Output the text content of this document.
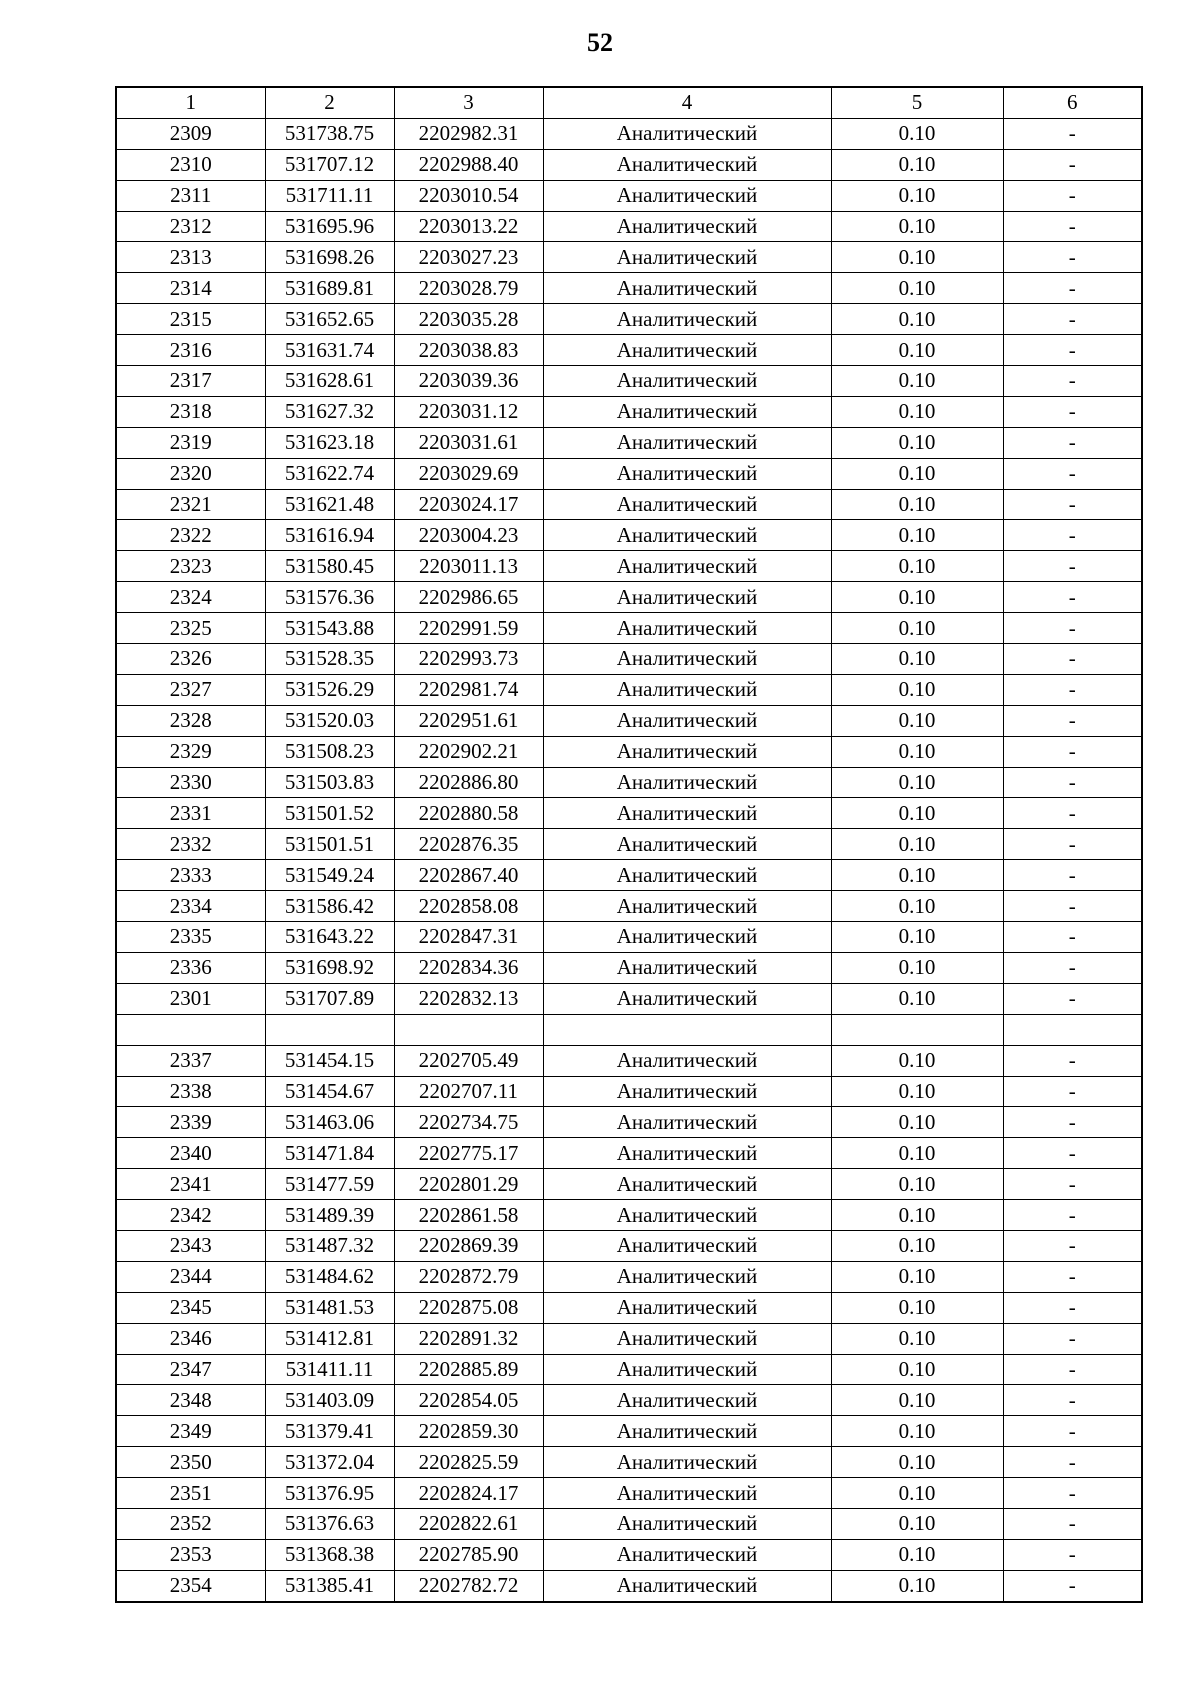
52
1	2	3	4	5	6
2309	531738.75	2202982.31	Аналитический	0.10	-
2310	531707.12	2202988.40	Аналитический	0.10	-
2311	531711.11	2203010.54	Аналитический	0.10	-
2312	531695.96	2203013.22	Аналитический	0.10	-
2313	531698.26	2203027.23	Аналитический	0.10	-
2314	531689.81	2203028.79	Аналитический	0.10	-
2315	531652.65	2203035.28	Аналитический	0.10	-
2316	531631.74	2203038.83	Аналитический	0.10	-
2317	531628.61	2203039.36	Аналитический	0.10	-
2318	531627.32	2203031.12	Аналитический	0.10	-
2319	531623.18	2203031.61	Аналитический	0.10	-
2320	531622.74	2203029.69	Аналитический	0.10	-
2321	531621.48	2203024.17	Аналитический	0.10	-
2322	531616.94	2203004.23	Аналитический	0.10	-
2323	531580.45	2203011.13	Аналитический	0.10	-
2324	531576.36	2202986.65	Аналитический	0.10	-
2325	531543.88	2202991.59	Аналитический	0.10	-
2326	531528.35	2202993.73	Аналитический	0.10	-
2327	531526.29	2202981.74	Аналитический	0.10	-
2328	531520.03	2202951.61	Аналитический	0.10	-
2329	531508.23	2202902.21	Аналитический	0.10	-
2330	531503.83	2202886.80	Аналитический	0.10	-
2331	531501.52	2202880.58	Аналитический	0.10	-
2332	531501.51	2202876.35	Аналитический	0.10	-
2333	531549.24	2202867.40	Аналитический	0.10	-
2334	531586.42	2202858.08	Аналитический	0.10	-
2335	531643.22	2202847.31	Аналитический	0.10	-
2336	531698.92	2202834.36	Аналитический	0.10	-
2301	531707.89	2202832.13	Аналитический	0.10	-

2337	531454.15	2202705.49	Аналитический	0.10	-
2338	531454.67	2202707.11	Аналитический	0.10	-
2339	531463.06	2202734.75	Аналитический	0.10	-
2340	531471.84	2202775.17	Аналитический	0.10	-
2341	531477.59	2202801.29	Аналитический	0.10	-
2342	531489.39	2202861.58	Аналитический	0.10	-
2343	531487.32	2202869.39	Аналитический	0.10	-
2344	531484.62	2202872.79	Аналитический	0.10	-
2345	531481.53	2202875.08	Аналитический	0.10	-
2346	531412.81	2202891.32	Аналитический	0.10	-
2347	531411.11	2202885.89	Аналитический	0.10	-
2348	531403.09	2202854.05	Аналитический	0.10	-
2349	531379.41	2202859.30	Аналитический	0.10	-
2350	531372.04	2202825.59	Аналитический	0.10	-
2351	531376.95	2202824.17	Аналитический	0.10	-
2352	531376.63	2202822.61	Аналитический	0.10	-
2353	531368.38	2202785.90	Аналитический	0.10	-
2354	531385.41	2202782.72	Аналитический	0.10	-
